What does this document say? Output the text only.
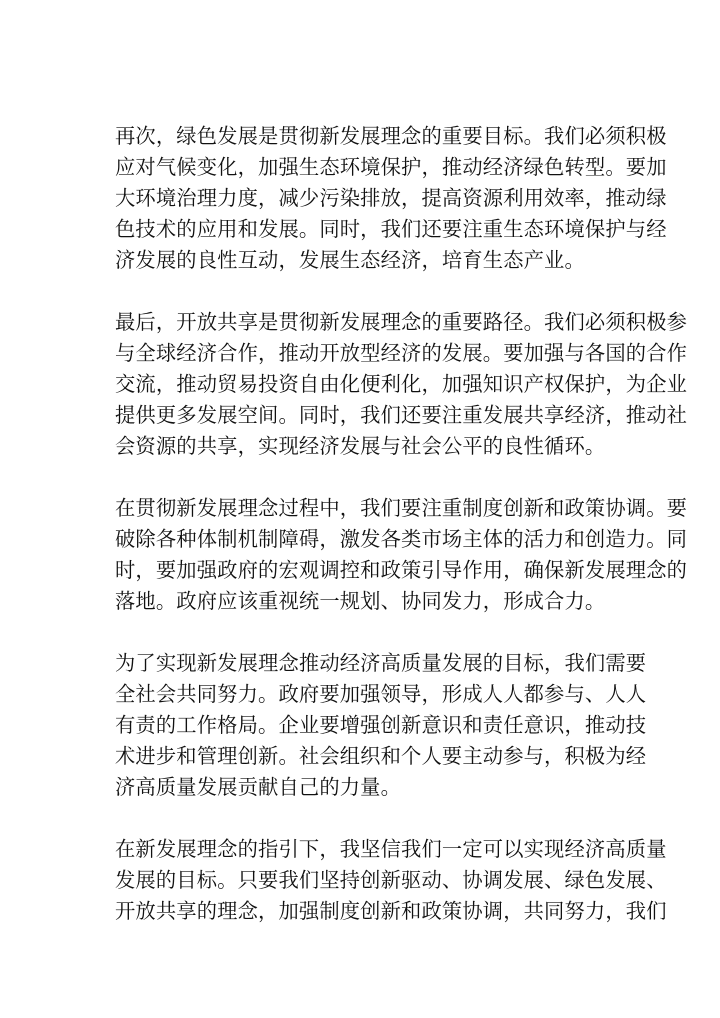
再次，绿色发展是贯彻新发展理念的重要目标。我们必须积极
应对气候变化，加强生态环境保护，推动经济绿色转型。要加
大环境治理力度，减少污染排放，提高资源利用效率，推动绿
色技术的应用和发展。同时，我们还要注重生态环境保护与经
济发展的良性互动，发展生态经济，培育生态产业。

最后，开放共享是贯彻新发展理念的重要路径。我们必须积极参
与全球经济合作，推动开放型经济的发展。要加强与各国的合作
交流，推动贸易投资自由化便利化，加强知识产权保护，为企业
提供更多发展空间。同时，我们还要注重发展共享经济，推动社
会资源的共享，实现经济发展与社会公平的良性循环。

在贯彻新发展理念过程中，我们要注重制度创新和政策协调。要
破除各种体制机制障碍，激发各类市场主体的活力和创造力。同
时，要加强政府的宏观调控和政策引导作用，确保新发展理念的
落地。政府应该重视统一规划、协同发力，形成合力。

为了实现新发展理念推动经济高质量发展的目标，我们需要
全社会共同努力。政府要加强领导，形成人人都参与、人人
有责的工作格局。企业要增强创新意识和责任意识，推动技
术进步和管理创新。社会组织和个人要主动参与，积极为经
济高质量发展贡献自己的力量。

在新发展理念的指引下，我坚信我们一定可以实现经济高质量
发展的目标。只要我们坚持创新驱动、协调发展、绿色发展、
开放共享的理念，加强制度创新和政策协调，共同努力，我们
